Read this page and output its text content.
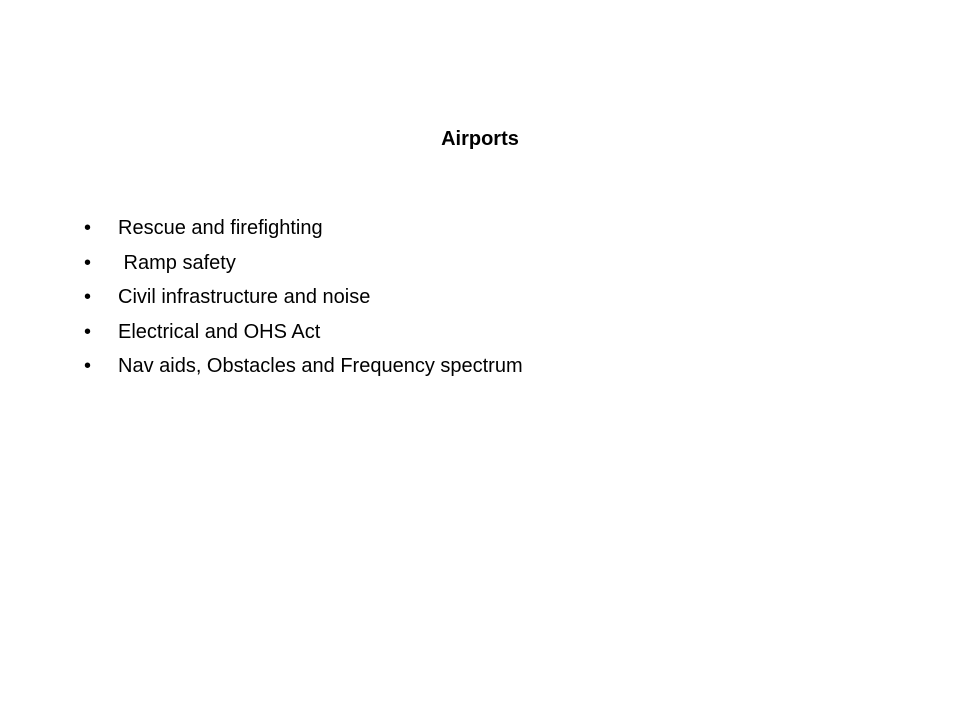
Airports
•	Rescue and firefighting
•	Ramp safety
•	Civil infrastructure and noise
•	Electrical and OHS Act
•	Nav aids, Obstacles and Frequency spectrum
